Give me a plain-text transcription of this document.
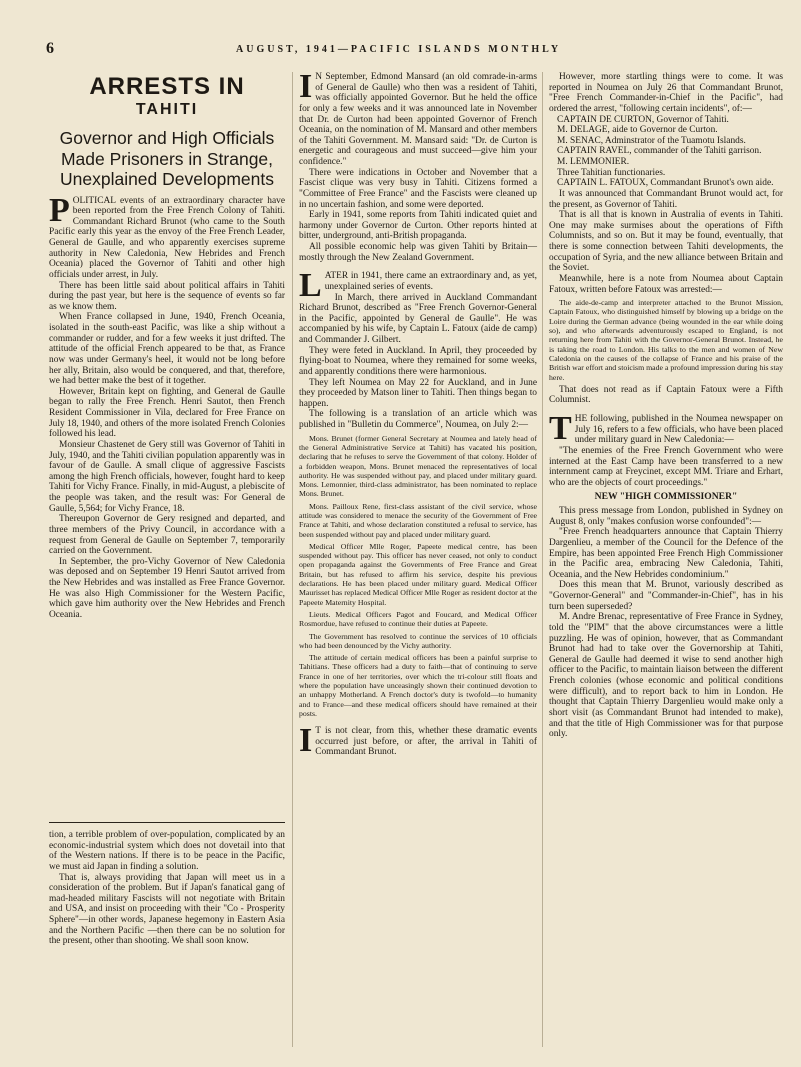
6	AUGUST, 1941—PACIFIC ISLANDS MONTHLY
ARRESTS IN
TAHITI
Governor and High Officials Made Prisoners in Strange, Unexplained Developments

POLITICAL events of an extraordinary character have been reported from the Free French Colony of Tahiti. Commandant Richard Brunot (who came to the South Pacific early this year as the envoy of the Free French Leader, General de Gaulle, and who apparently exercises supreme authority in New Caledonia, New Hebrides and French Oceania) placed the Governor of Tahiti and other high officials under arrest, in July.

There has been little said about political affairs in Tahiti during the past year, but here is the sequence of events so far as we know them.

When France collapsed in June, 1940, French Oceania, isolated in the south-east Pacific, was like a ship without a commander or rudder, and for a few weeks it just drifted. The attitude of the official French appeared to be that, as France now was under Germany's heel, it would not be long before her ally, Britain, also would be conquered, and that, therefore, we had better make the best of it together.

However, Britain kept on fighting, and General de Gaulle began to rally the Free French. Henri Sautot, then French Resident Commissioner in Vila, declared for Free France on July 18, 1940, and others of the more isolated French Colonies followed his lead.

Monsieur Chastenet de Gery still was Governor of Tahiti in July, 1940, and the Tahiti civilian population apparently was in favour of de Gaulle. A small clique of aggressive Fascists among the high French officials, however, fought hard to keep Tahiti for Vichy France. Finally, in mid-August, a plebiscite of the people was taken, and the result was: For General de Gaulle, 5,564; for Vichy France, 18.

Thereupon Governor de Gery resigned and departed, and three members of the Privy Council, in accordance with a request from General de Gaulle on September 7, temporarily carried on the Government.

In September, the pro-Vichy Governor of New Caledonia was deposed and on September 19 Henri Sautot arrived from the New Hebrides and was installed as Free France Governor. He was also High Commissioner for the Western Pacific, which gave him authority over the New Hebrides and French Oceania.

tion, a terrible problem of over-population, complicated by an economic-industrial system which does not dovetail into that of the Western nations. If there is to be peace in the Pacific, we must aid Japan in finding a solution.

That is, always providing that Japan will meet us in a consideration of the problem. But if Japan's fanatical gang of mad-headed military Fascists will not negotiate with Britain and USA, and insist on proceeding with their "Co - Prosperity Sphere"—in other words, Japanese hegemony in Eastern Asia and the Northern Pacific —then there can be no solution for the present, other than shooting. We shall soon know.

I N September, Edmond Mansard (an old comrade-in-arms of General de Gaulle) who then was a resident of Tahiti, was officially appointed Governor. But he held the office for only a few weeks and it was announced late in November that Dr. de Curton had been appointed Governor of French Oceania, on the nomination of M. Mansard and other members of the Tahiti Government. M. Mansard said: "Dr. de Curton is energetic and courageous and must succeed—give him your confidence."

There were indications in October and November that a Fascist clique was very busy in Tahiti. Citizens formed a "Committee of Free France" and the Fascists were cleaned up in no uncertain fashion, and some were deported.

Early in 1941, some reports from Tahiti indicated quiet and harmony under Governor de Curton. Other reports hinted at bitter, underground, anti-British propaganda.

All possible economic help was given Tahiti by Britain—mostly through the New Zealand Government.

LATER in 1941, there came an extraordinary and, as yet, unexplained series of events.

In March, there arrived in Auckland Commandant Richard Brunot, described as "Free French Governor-General in the Pacific, appointed by General de Gaulle". He was accompanied by his wife, by Captain L. Fatoux (aide de camp) and Commander J. Gilbert.

They were feted in Auckland. In April, they proceeded by flying-boat to Noumea, where they remained for some weeks, and apparently conditions there were harmonious.

They left Noumea on May 22 for Auckland, and in June they proceeded by Matson liner to Tahiti. Then things began to happen.

The following is a translation of an article which was published in "Bulletin du Commerce", Noumea, on July 2:—

Mons. Brunet (former General Secretary at Noumea and lately head of the General Administrative Service at Tahiti) has vacated his position, declaring that he refuses to serve the Government of that colony. Holder of a forbidden weapon, Mons. Brunet menaced the representatives of local authority. He was suspended without pay, and placed under military guard. Mons. Lemonnier, third-class administrator, has been nominated to replace Mons. Brunet.

Mons. Pailloux Rene, first-class assistant of the civil service, whose attitude was considered to menace the security of the Government of Free France at Tahiti, and whose declaration constituted a refusal to service, has been suspended without pay and placed under military guard.

Medical Officer Mlle Roger, Papeete medical centre, has been suspended without pay. This officer has never ceased, not only to conduct open propaganda against the Governments of Free France and Great Britain, but has refused to affirm his service, despite his previous declarations. He has been placed under military guard. Medical Officer Maurisset has replaced Medical Officer Mlle Roger as resident doctor at the Papeete Maternity Hospital.

Lieuts. Medical Officers Pagot and Foucard, and Medical Officer Rosmordue, have refused to continue their duties at Papeete.

The Government has resolved to continue the services of 10 officials who had been denounced by the Vichy authority.

The attitude of certain medical officers has been a painful surprise to Tahitians. These officers had a duty to faith—that of continuing to serve France in one of her territories, over which the tri-colour still floats and where the population have unceasingly shown their continued devotion to an unhappy Motherland. A French doctor's duty is twofold—to humanity and to France—and these medical officers should have remained at their posts.

I T is not clear, from this, whether these dramatic events occurred just before, or after, the arrival in Tahiti of Commandant Brunot.

However, more startling things were to come. It was reported in Noumea on July 26 that Commandant Brunot, "Free French Commander-in-Chief in the Pacific", had ordered the arrest, "following certain incidents", of:—

CAPTAIN DE CURTON, Governor of Tahiti.

M. DELAGE, aide to Governor de Curton.

M. SENAC, Adminstrator of the Tuamotu Islands.

CAPTAIN RAVEL, commander of the Tahiti garrison.

M. LEMMONIER.

Three Tahitian functionaries.

CAPTAIN L. FATOUX, Commandant Brunot's own aide.

It was announced that Commandant Brunot would act, for the present, as Governor of Tahiti.

That is all that is known in Australia of events in Tahiti. One may make surmises about the operations of Fifth Columnists, and so on. But it may be found, eventually, that there is some connection between Tahiti developments, the occupation of Syria, and the new alliance between Britain and the Soviet.

Meanwhile, here is a note from Noumea about Captain Fatoux, written before Fatoux was arrested:—

The aide-de-camp and interpreter attached to the Brunot Mission, Captain Fatoux, who distinguished himself by blowing up a bridge on the Loire during the German advance (being wounded in the ear while doing so), and who afterwards adventurously escaped to England, is not returning here from Tahiti with the Governor-General Brunot. Instead, he is taking the road to London. His talks to the men and women of New Caledonia on the causes of the collapse of France and his praise of the British war effort and stoicism made a profound impression during his stay here.

That does not read as if Captain Fatoux were a Fifth Columnist.

THE following, published in the Noumea newspaper on July 16, refers to a few officials, who have been placed under military guard in New Caledonia:—

"The enemies of the Free French Government who were interned at the East Camp have been transferred to a new internment camp at Freycinet, except MM. Triare and Erhart, who are the objects of court proceedings."

NEW "HIGH COMMISSIONER"

This press message from London, published in Sydney on August 8, only "makes confusion worse confounded":—

"Free French headquarters announce that Captain Thierry Dargenlieu, a member of the Council for the Defence of the Empire, has been appointed Free French High Commissioner in the Pacific area, embracing New Caledonia, Tahiti, Oceania, and the New Hebrides condominium."

Does this mean that M. Brunot, variously described as "Governor-General" and "Commander-in-Chief", has in his turn been superseded?

M. Andre Brenac, representative of Free France in Sydney, told the "PIM" that the above circumstances were a little puzzling. He was of opinion, however, that as Commandant Brunot had had to take over the Governorship at Tahiti, General de Gaulle had deemed it wise to send another high officer to the Pacific, to maintain liaison between the different French colonies (whose economic and political conditions were difficult), and to report back to him in London. He thought that Captain Thierry Dargenlieu would make only a short visit (as Commandant Brunot had intended to make), and that the title of High Commissioner was for that purpose only.
